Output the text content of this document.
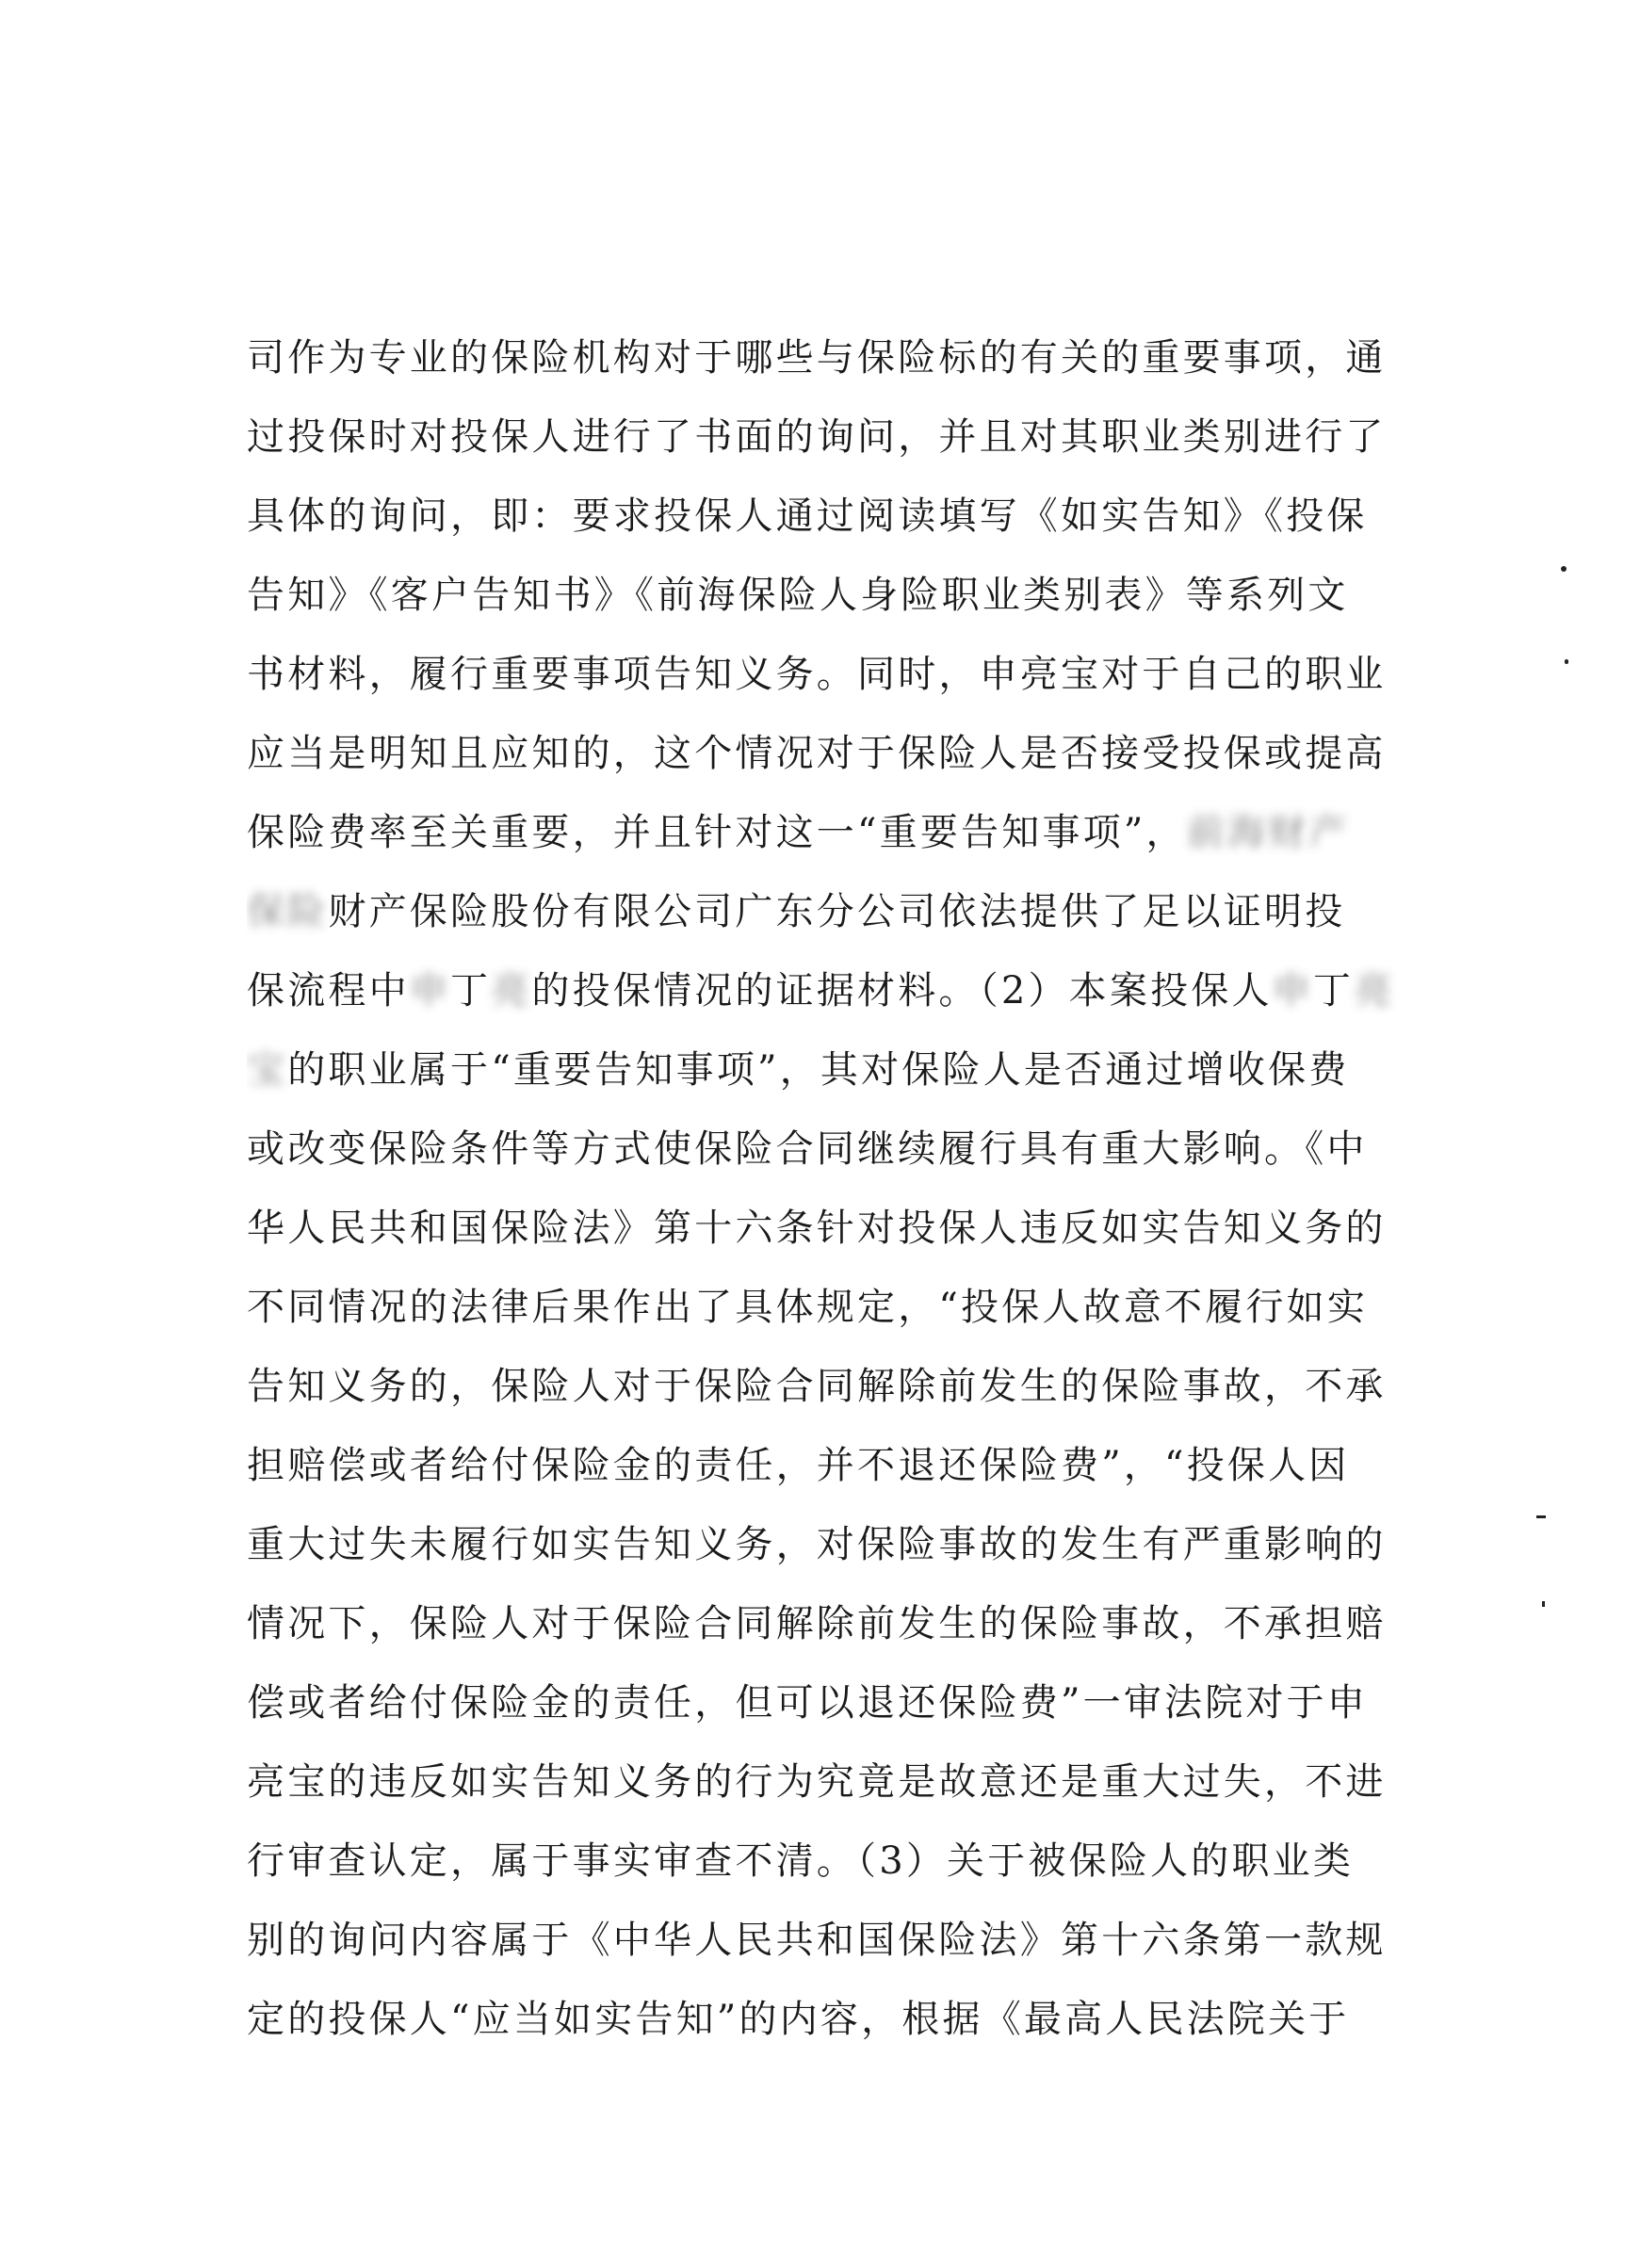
司作为专业的保险机构对于哪些与保险标的有关的重要事项，通
过投保时对投保人进行了书面的询问，并且对其职业类别进行了
具体的询问，即：要求投保人通过阅读填写《如实告知》《投保
告知》《客户告知书》《前海保险人身险职业类别表》等系列文
书材料，履行重要事项告知义务。同时，申亮宝对于自己的职业
应当是明知且应知的，这个情况对于保险人是否接受投保或提高
保险费率至关重要，并且针对这一“重要告知事项”，前海财产
保险财产保险股份有限公司广东分公司依法提供了足以证明投
保流程中申丁亮的投保情况的证据材料。（2）本案投保人申丁亮
宝的职业属于“重要告知事项”，其对保险人是否通过增收保费
或改变保险条件等方式使保险合同继续履行具有重大影响。《中
华人民共和国保险法》第十六条针对投保人违反如实告知义务的
不同情况的法律后果作出了具体规定，“投保人故意不履行如实
告知义务的，保险人对于保险合同解除前发生的保险事故，不承
担赔偿或者给付保险金的责任，并不退还保险费”，“投保人因
重大过失未履行如实告知义务，对保险事故的发生有严重影响的
情况下，保险人对于保险合同解除前发生的保险事故，不承担赔
偿或者给付保险金的责任，但可以退还保险费”一审法院对于申
亮宝的违反如实告知义务的行为究竟是故意还是重大过失，不进
行审查认定，属于事实审查不清。（3）关于被保险人的职业类
别的询问内容属于《中华人民共和国保险法》第十六条第一款规
定的投保人“应当如实告知”的内容，根据《最高人民法院关于
